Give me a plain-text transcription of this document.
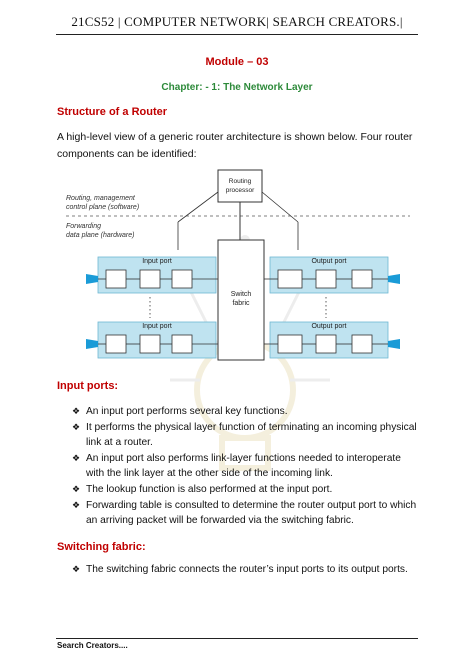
21CS52 | COMPUTER NETWORK| SEARCH CREATORS.|
Module – 03
Chapter: - 1: The Network Layer
Structure of a Router
A high-level view of a generic router architecture is shown below. Four router components can be identified:
Routing
processor
Routing, management
control plane (software)
Forwarding
data plane (hardware)
Input port
Input port
Output port
Output port
Switch
fabric
Input ports:
❖ An input port performs several key functions.
❖ It performs the physical layer function of terminating an incoming physical link at a router.
❖ An input port also performs link-layer functions needed to interoperate with the link layer at the other side of the incoming link.
❖ The lookup function is also performed at the input port.
❖ Forwarding table is consulted to determine the router output port to which an arriving packet will be forwarded via the switching fabric.
Switching fabric:
❖ The switching fabric connects the router’s input ports to its output ports.
Search Creators....
